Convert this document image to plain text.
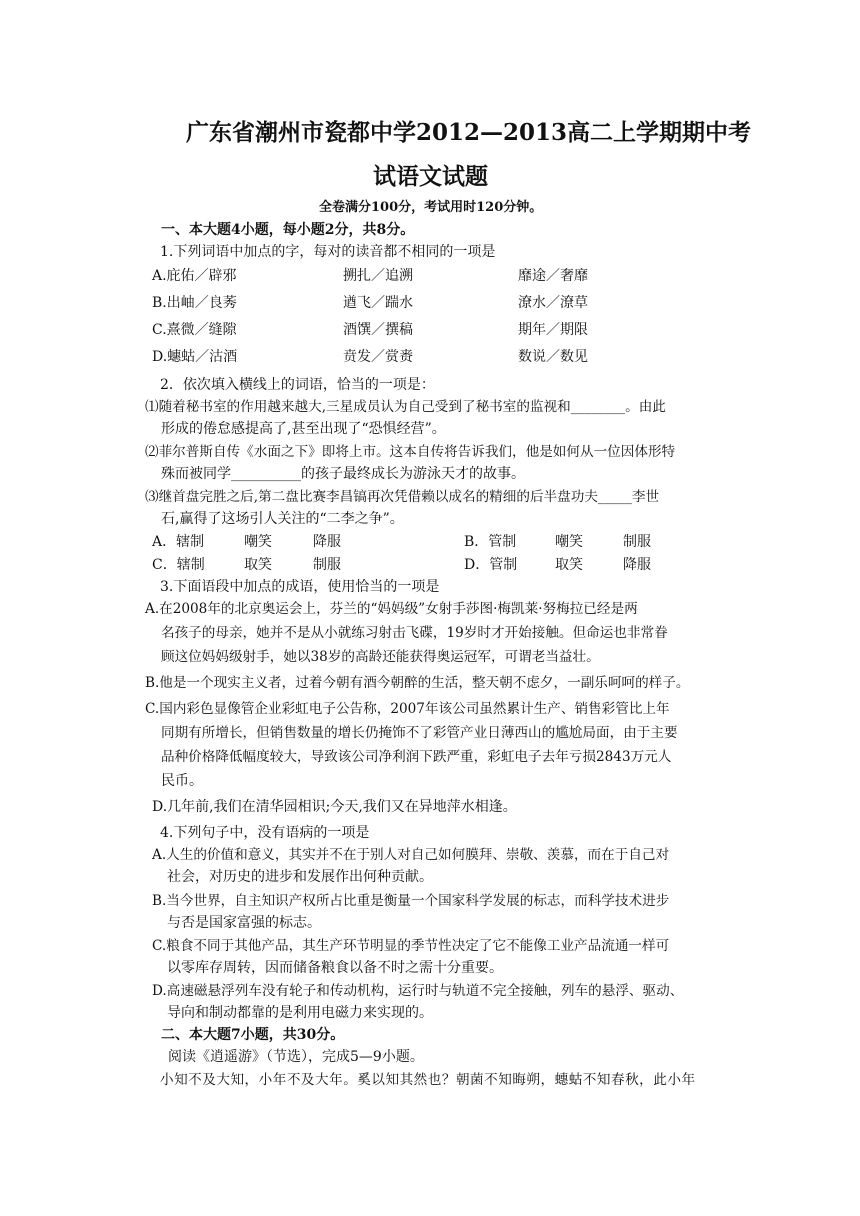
广东省潮州市瓷都中学2012—2013高二上学期期中考
试语文试题
全卷满分100分，考试用时120分钟。
一、本大题4小题，每小题2分，共8分。
1.下列词语中加点的字，每对的读音都不相同的一项是
A.庇佑／辟邪	搠扎／追溯	靡途／奢靡
B.出岫／良莠	遒飞／踹水	潦水／潦草
C.熹微／缝隙	酒馔／撰稿	期年／期限
D.蟪蛄／沽酒	贲发／赏赉	数说／数见
2．依次填入横线上的词语，恰当的一项是：
⑴随着秘书室的作用越来越大,三星成员认为自己受到了秘书室的监视和________。由此
形成的倦怠感提高了,甚至出现了“恐惧经营”。
⑵菲尔普斯自传《水面之下》即将上市。这本自传将告诉我们，他是如何从一位因体形特
殊而被同学__________的孩子最终成长为游泳天才的故事。
⑶继首盘完胜之后,第二盘比赛李昌镐再次凭借赖以成名的精细的后半盘功夫_____李世
石,赢得了这场引人关注的“二李之争”。
A．辖制	嘲笑	降服	B．管制	嘲笑	制服
C．辖制	取笑	制服	D．管制	取笑	降服
3.下面语段中加点的成语，使用恰当的一项是
A.在2008年的北京奥运会上，芬兰的“妈妈级”女射手莎图·梅凯莱·努梅拉已经是两
名孩子的母亲，她并不是从小就练习射击飞碟，19岁时才开始接触。但命运也非常眷
顾这位妈妈级射手，她以38岁的高龄还能获得奥运冠军，可谓老当益壮。
B.他是一个现实主义者，过着今朝有酒今朝醉的生活，整天朝不虑夕，一副乐呵呵的样子。
C.国内彩色显像管企业彩虹电子公告称，2007年该公司虽然累计生产、销售彩管比上年
同期有所增长，但销售数量的增长仍掩饰不了彩管产业日薄西山的尴尬局面，由于主要
品种价格降低幅度较大，导致该公司净利润下跌严重，彩虹电子去年亏损2843万元人
民币。
D.几年前,我们在清华园相识;今天,我们又在异地萍水相逢。
4.下列句子中，没有语病的一项是
A.人生的价值和意义，其实并不在于别人对自己如何膜拜、崇敬、羡慕，而在于自己对
社会，对历史的进步和发展作出何种贡献。
B.当今世界，自主知识产权所占比重是衡量一个国家科学发展的标志，而科学技术进步
与否是国家富强的标志。
C.粮食不同于其他产品，其生产环节明显的季节性决定了它不能像工业产品流通一样可
以零库存周转，因而储备粮食以备不时之需十分重要。
D.高速磁悬浮列车没有轮子和传动机构，运行时与轨道不完全接触，列车的悬浮、驱动、
导向和制动都靠的是利用电磁力来实现的。
二、本大题7小题，共30分。
阅读《逍遥游》（节选），完成5—9小题。
小知不及大知，小年不及大年。奚以知其然也？朝菌不知晦朔，蟪蛄不知春秋，此小年
